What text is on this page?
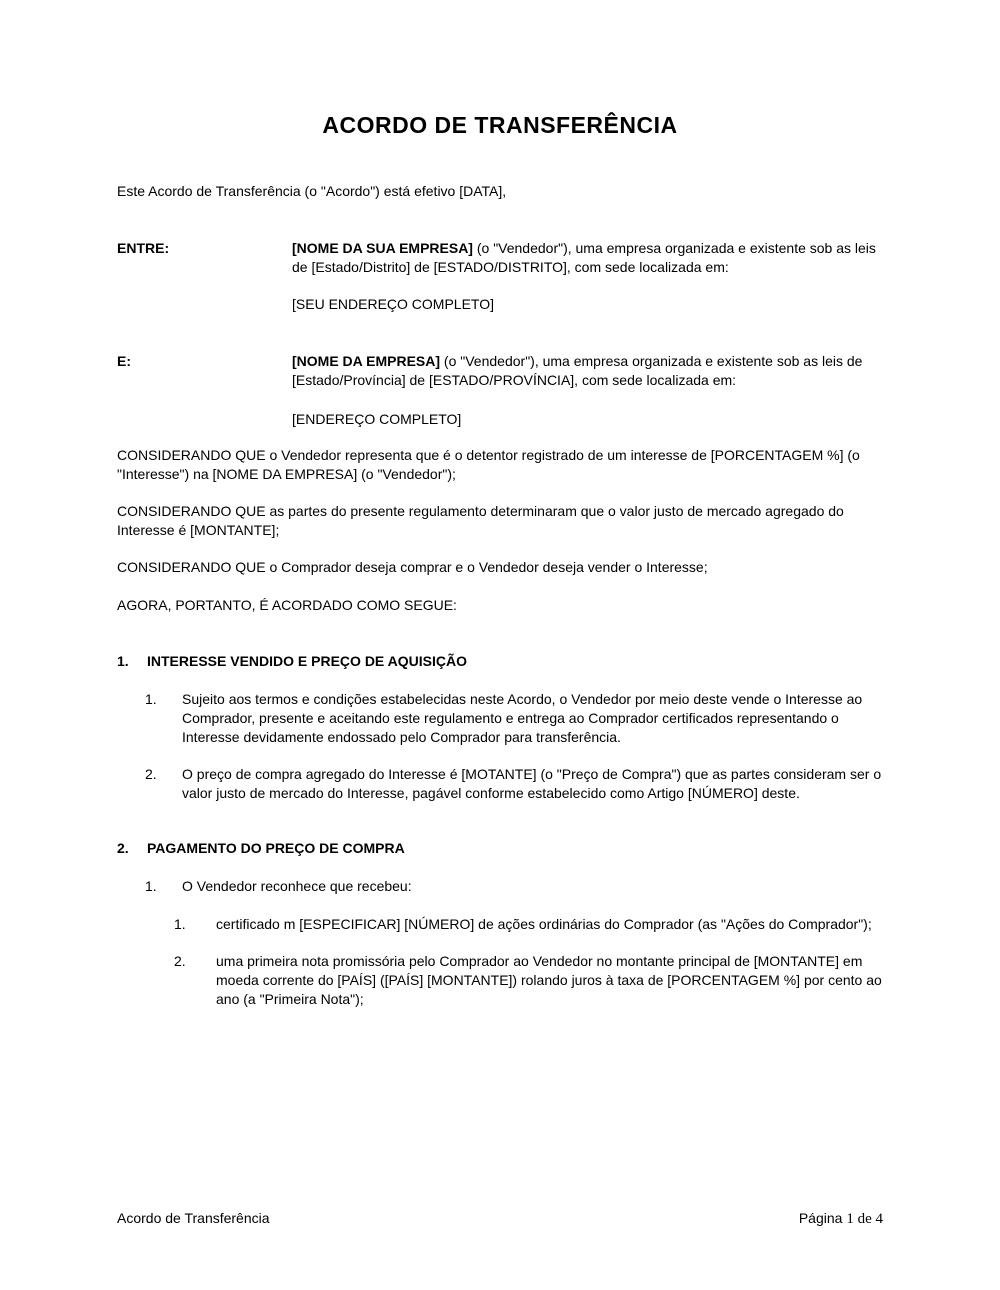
ACORDO DE TRANSFERÊNCIA

Este Acordo de Transferência (o "Acordo") está efetivo [DATA],

ENTRE:	[NOME DA SUA EMPRESA] (o "Vendedor"), uma empresa organizada e existente sob as leis de [Estado/Distrito] de [ESTADO/DISTRITO], com sede localizada em:

[SEU ENDEREÇO COMPLETO]

E:	[NOME DA EMPRESA] (o "Vendedor"), uma empresa organizada e existente sob as leis de [Estado/Província] de [ESTADO/PROVÍNCIA], com sede localizada em:

[ENDEREÇO COMPLETO]

CONSIDERANDO QUE o Vendedor representa que é o detentor registrado de um interesse de [PORCENTAGEM %] (o "Interesse") na [NOME DA EMPRESA] (o "Vendedor");

CONSIDERANDO QUE as partes do presente regulamento determinaram que o valor justo de mercado agregado do Interesse é [MONTANTE];

CONSIDERANDO QUE o Comprador deseja comprar e o Vendedor deseja vender o Interesse;

AGORA, PORTANTO, É ACORDADO COMO SEGUE:

1.	INTERESSE VENDIDO E PREÇO DE AQUISIÇÃO
1.	Sujeito aos termos e condições estabelecidas neste Acordo, o Vendedor por meio deste vende o Interesse ao Comprador, presente e aceitando este regulamento e entrega ao Comprador certificados representando o Interesse devidamente endossado pelo Comprador para transferência.
2.	O preço de compra agregado do Interesse é [MOTANTE] (o "Preço de Compra") que as partes consideram ser o valor justo de mercado do Interesse, pagável conforme estabelecido como Artigo [NÚMERO] deste.
2.	PAGAMENTO DO PREÇO DE COMPRA
1.	O Vendedor reconhece que recebeu:
1.	certificado m [ESPECIFICAR] [NÚMERO] de ações ordinárias do Comprador (as "Ações do Comprador");
2.	uma primeira nota promissória pelo Comprador ao Vendedor no montante principal de [MONTANTE] em moeda corrente do [PAÍS] ([PAÍS] [MONTANTE]) rolando juros à taxa de [PORCENTAGEM %] por cento ao ano (a "Primeira Nota");
Acordo de Transferência	Página 1 de 4
